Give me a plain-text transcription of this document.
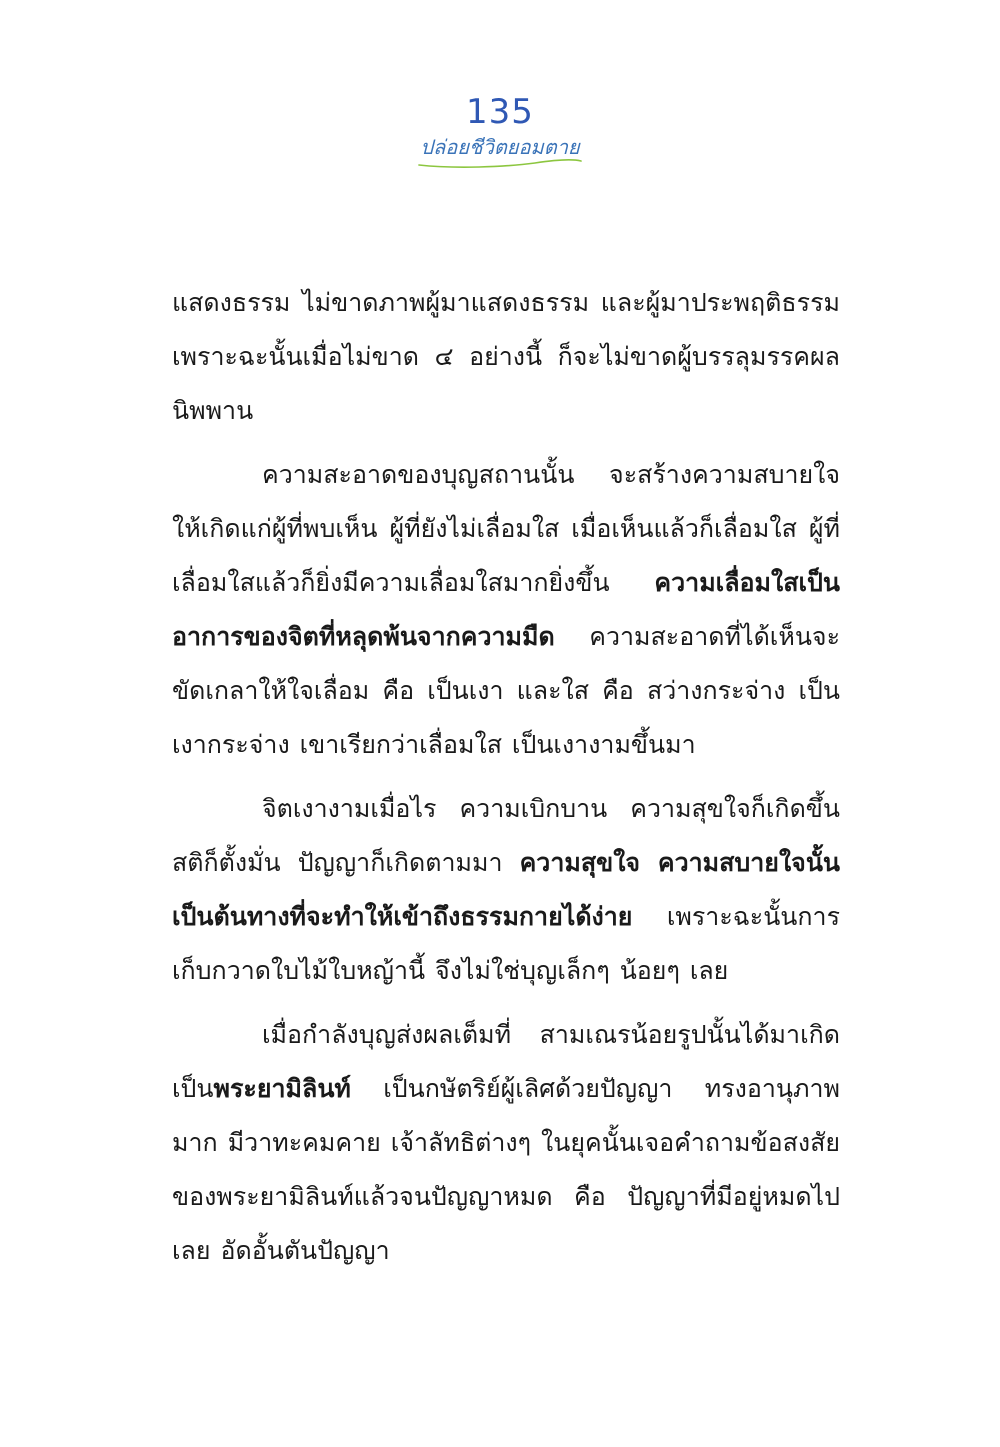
135
ปล่อยชีวิตยอมตาย

แสดงธรรม ไม่ขาดภาพผู้มาแสดงธรรม และผู้มาประพฤติธรรม เพราะฉะนั้นเมื่อไม่ขาด ๔ อย่างนี้ ก็จะไม่ขาดผู้บรรลุมรรคผลนิพพาน

ความสะอาดของบุญสถานนั้น จะสร้างความสบายใจให้เกิดแก่ผู้ที่พบเห็น ผู้ที่ยังไม่เลื่อมใส เมื่อเห็นแล้วก็เลื่อมใส ผู้ที่เลื่อมใสแล้วก็ยิ่งมีความเลื่อมใสมากยิ่งขึ้น ความเลื่อมใสเป็นอาการของจิตที่หลุดพ้นจากความมืด ความสะอาดที่ได้เห็นจะขัดเกลาให้ใจเลื่อม คือ เป็นเงา และใส คือ สว่างกระจ่าง เป็นเงากระจ่าง เขาเรียกว่าเลื่อมใส เป็นเงางามขึ้นมา

จิตเงางามเมื่อไร ความเบิกบาน ความสุขใจก็เกิดขึ้น สติก็ตั้งมั่น ปัญญาก็เกิดตามมา ความสุขใจ ความสบายใจนั้นเป็นต้นทางที่จะทำให้เข้าถึงธรรมกายได้ง่าย เพราะฉะนั้นการเก็บกวาดใบไม้ใบหญ้านี้ จึงไม่ใช่บุญเล็กๆ น้อยๆ เลย

เมื่อกำลังบุญส่งผลเต็มที่ สามเณรน้อยรูปนั้นได้มาเกิดเป็นพระยามิลินท์ เป็นกษัตริย์ผู้เลิศด้วยปัญญา ทรงอานุภาพมาก มีวาทะคมคาย เจ้าลัทธิต่างๆ ในยุคนั้นเจอคำถามข้อสงสัยของพระยามิลินท์แล้วจนปัญญาหมด คือ ปัญญาที่มีอยู่หมดไปเลย อัดอั้นตันปัญญา
